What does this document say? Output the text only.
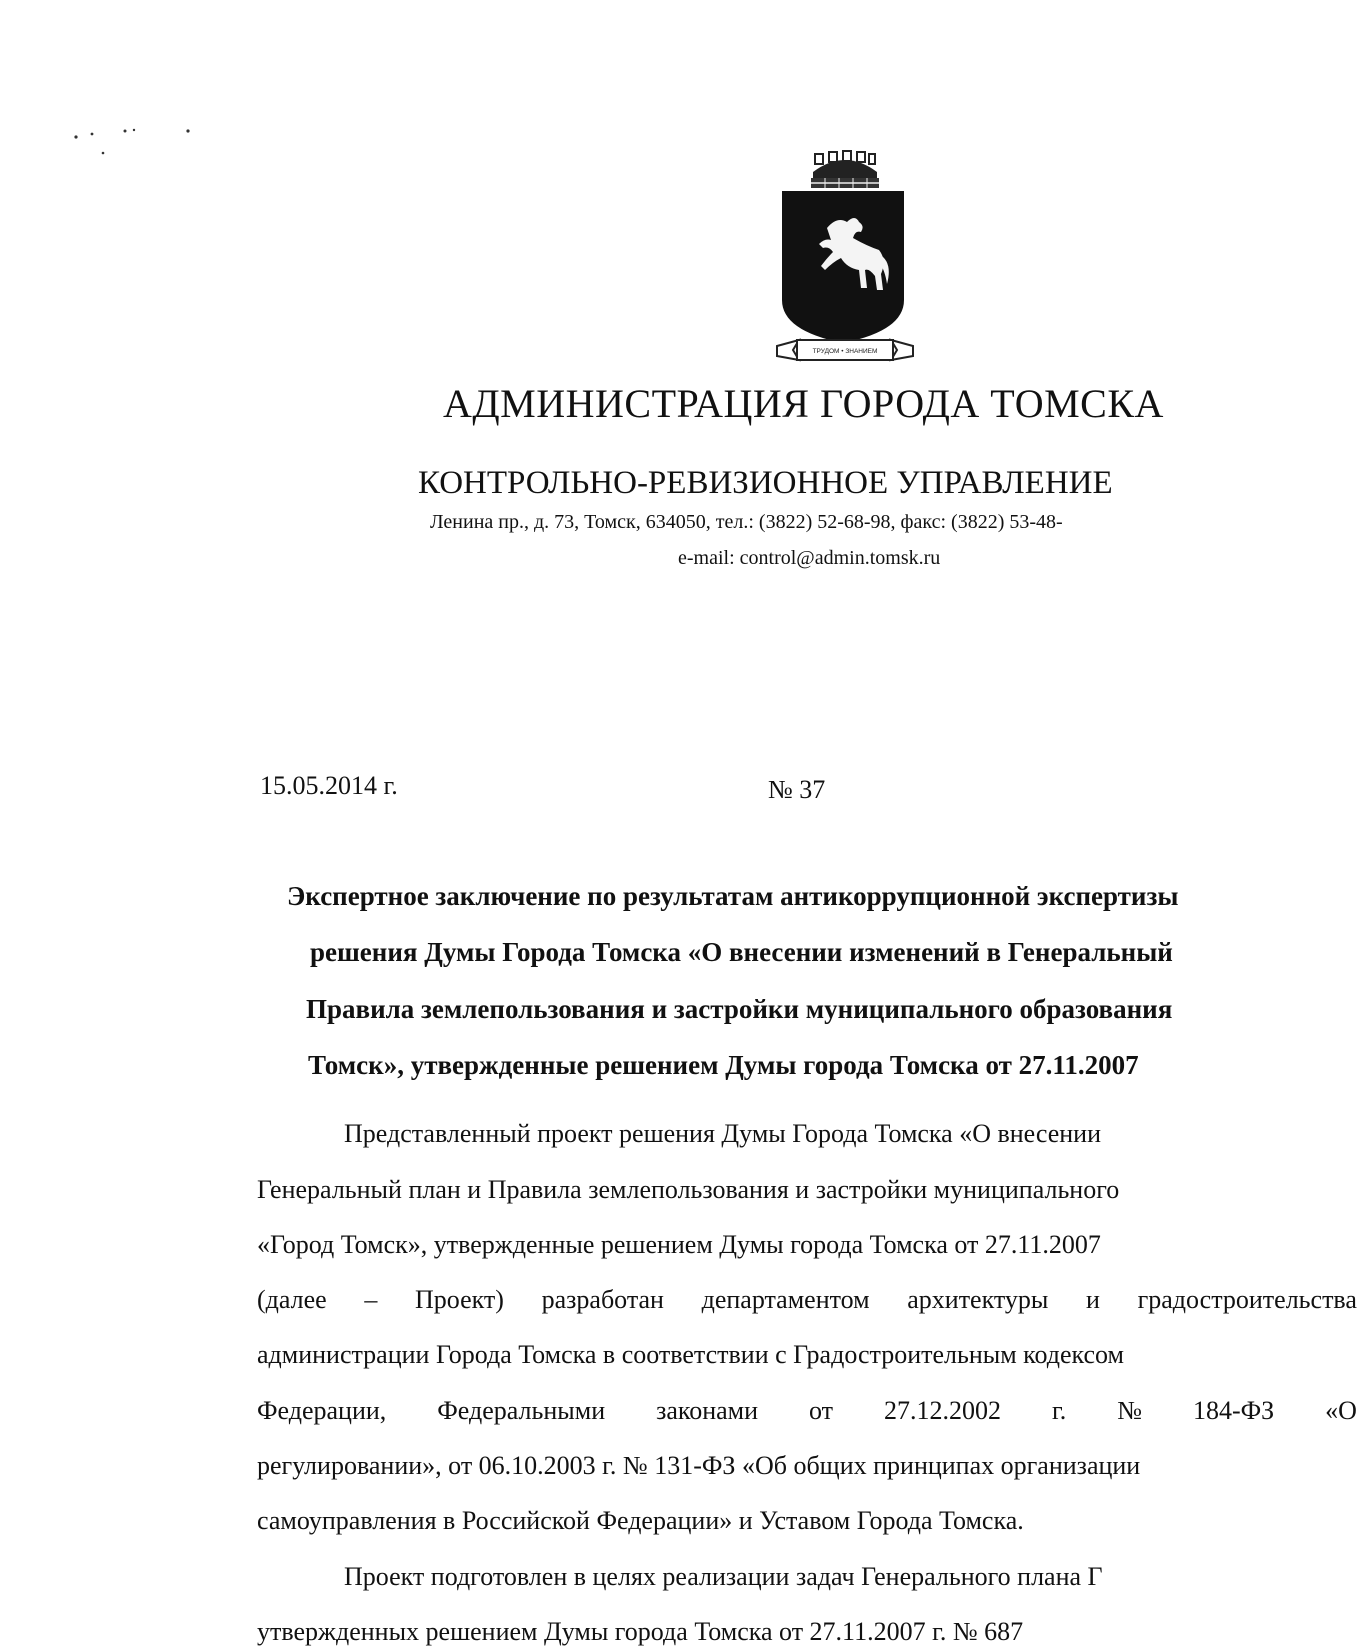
ТРУДОМ • ЗНАНИЕМ
АДМИНИСТРАЦИЯ ГОРОДА ТОМСКА
КОНТРОЛЬНО-РЕВИЗИОННОЕ УПРАВЛЕНИЕ
Ленина пр., д. 73, Томск, 634050, тел.: (3822) 52-68-98, факс: (3822) 53-48-
e-mail: control@admin.tomsk.ru
15.05.2014 г.	№ 37
Экспертное заключение по результатам антикоррупционной экспертизы
решения Думы Города Томска «О внесении изменений в Генеральный
Правила землепользования и застройки муниципального образования
Томск», утвержденные решением Думы города Томска от 27.11.2007
Представленный проект решения Думы Города Томска «О внесении
Генеральный план и Правила землепользования и застройки муниципального
«Город Томск», утвержденные решением Думы города Томска от 27.11.2007
(далее – Проект) разработан департаментом архитектуры и градостроительства
администрации Города Томска в соответствии с Градостроительным кодексом
Федерации, Федеральными законами от 27.12.2002 г. № 184-ФЗ «О
регулировании», от 06.10.2003 г. № 131-ФЗ «Об общих принципах организации
самоуправления в Российской Федерации» и Уставом Города Томска.
Проект подготовлен в целях реализации задач Генерального плана Г
утвержденных решением Думы города Томска от 27.11.2007 г. № 687
